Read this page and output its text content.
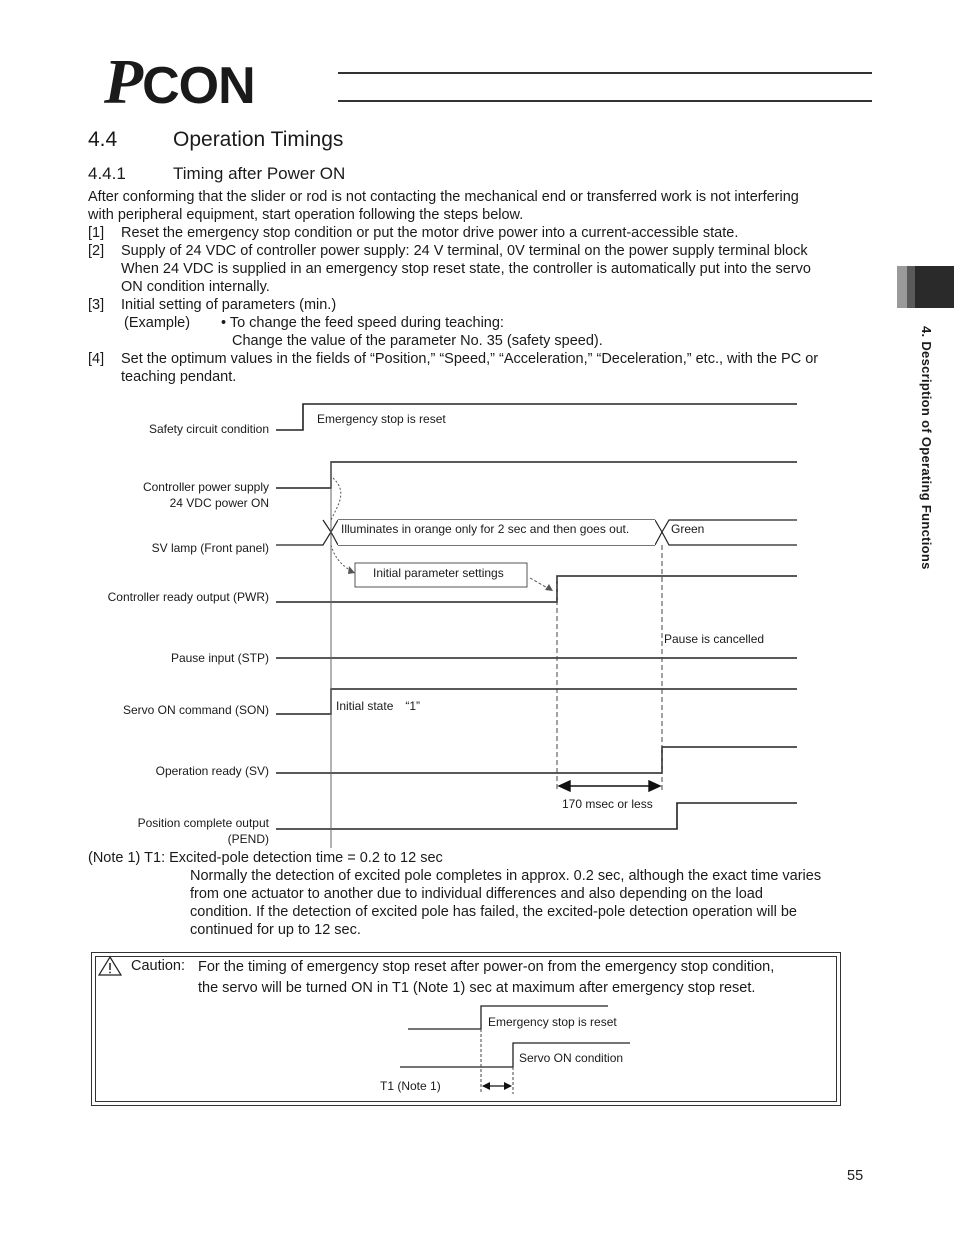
PCON
4. Description of Operating Functions
4.4	Operation Timings
4.4.1	Timing after Power ON
After conforming that the slider or rod is not contacting the mechanical end or transferred work is not interfering
with peripheral equipment, start operation following the steps below.
[1] Reset the emergency stop condition or put the motor drive power into a current-accessible state.
[2] Supply of 24 VDC of controller power supply: 24 V terminal, 0V terminal on the power supply terminal block
When 24 VDC is supplied in an emergency stop reset state, the controller is automatically put into the servo
ON condition internally.
[3] Initial setting of parameters (min.)
(Example) • To change the feed speed during teaching:
Change the value of the parameter No. 35 (safety speed).
[4] Set the optimum values in the fields of “Position,” “Speed,” “Acceleration,” “Deceleration,” etc., with the PC or
teaching pendant.
Safety circuit condition
Controller power supply
24 VDC power ON
SV lamp (Front panel)
Controller ready output (PWR)
Pause input (STP)
Servo ON command (SON)
Operation ready (SV)
Position complete output
(PEND)
Emergency stop is reset
Illuminates in orange only for 2 sec and then goes out.	Green
Initial parameter settings
Pause is cancelled
Initial state　“1”
170 msec or less
(Note 1) T1: Excited-pole detection time = 0.2 to 12 sec
Normally the detection of excited pole completes in approx. 0.2 sec, although the exact time varies
from one actuator to another due to individual differences and also depending on the load
condition. If the detection of excited pole has failed, the excited-pole detection operation will be
continued for up to 12 sec.
Caution: For the timing of emergency stop reset after power-on from the emergency stop condition,
the servo will be turned ON in T1 (Note 1) sec at maximum after emergency stop reset.
Emergency stop is reset
Servo ON condition
T1 (Note 1)
55
